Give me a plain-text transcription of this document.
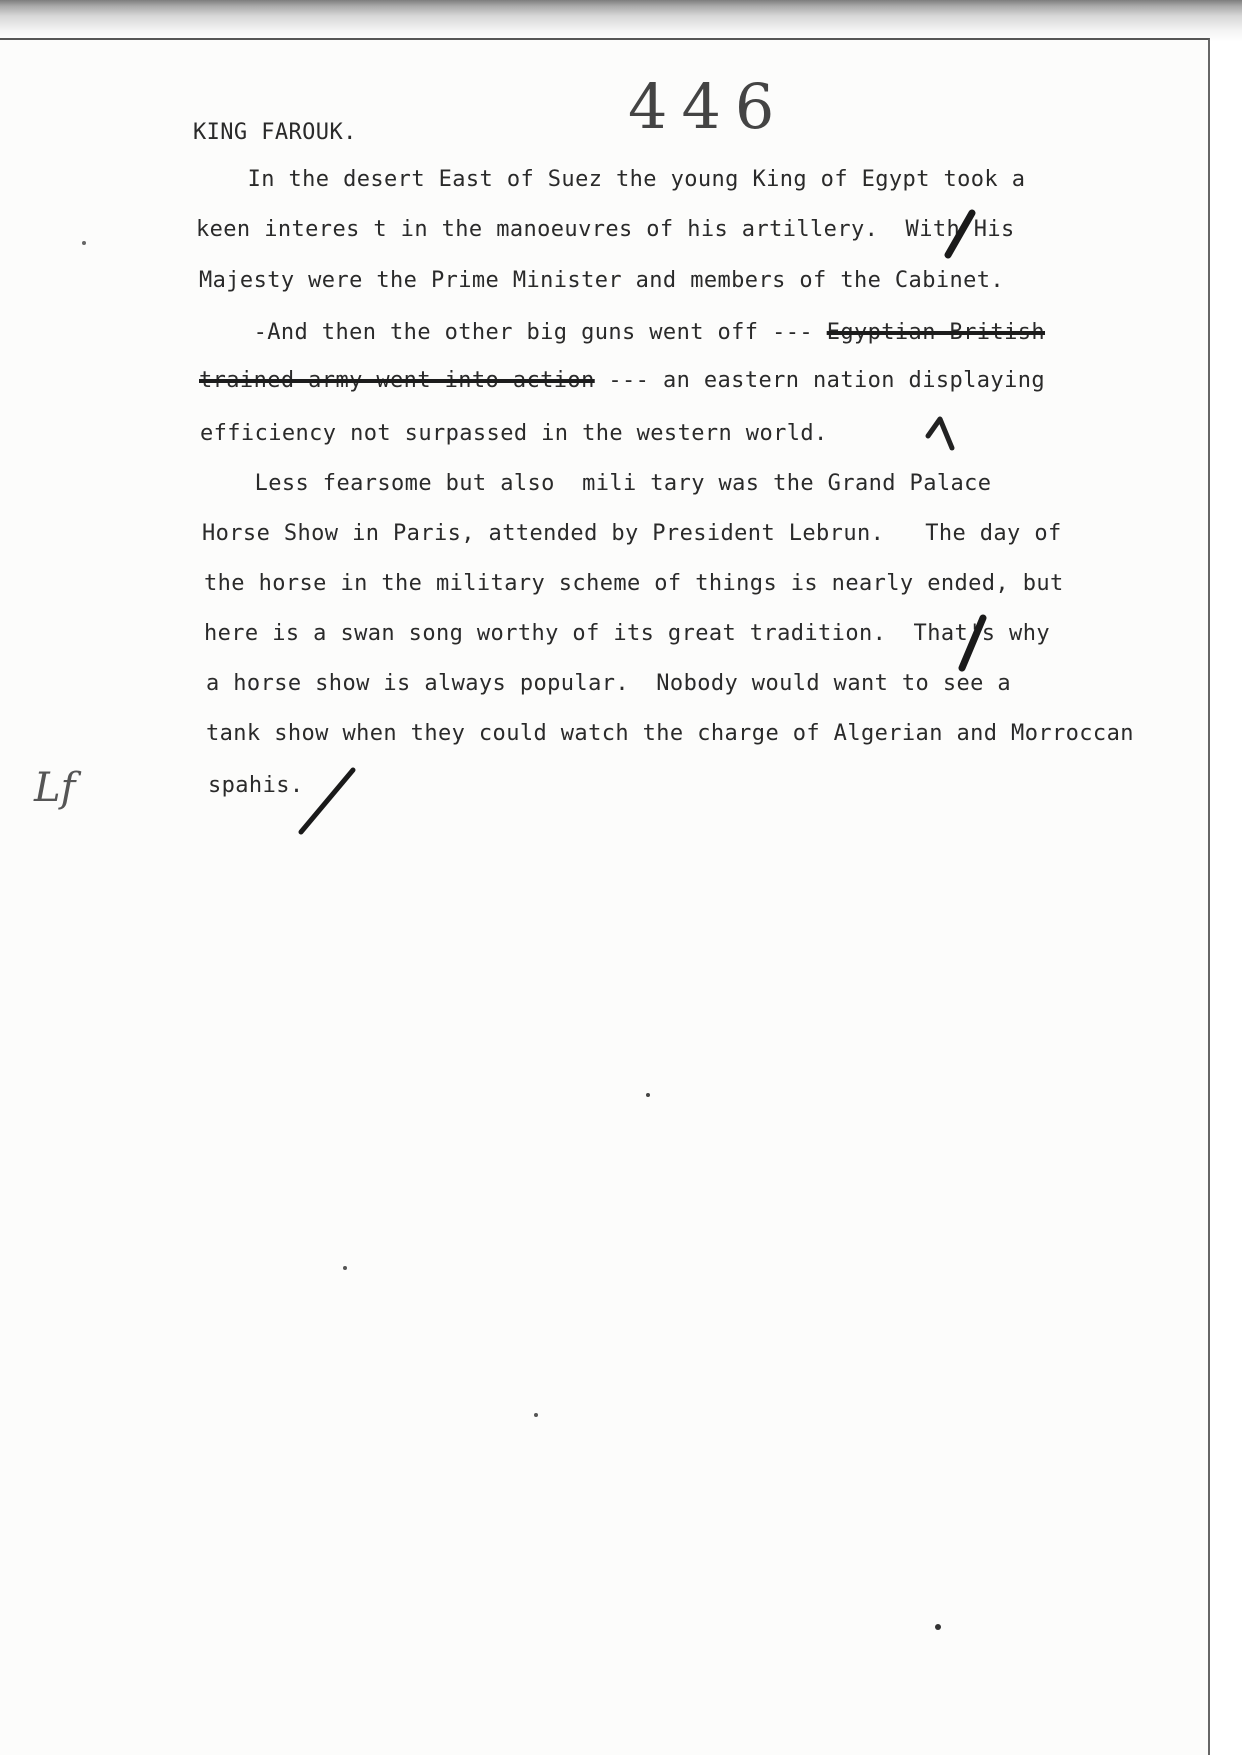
446

KING FAROUK.

In the desert East of Suez the young King of Egypt took a

keen interes t in the manoeuvres of his artillery.  With His

Majesty were the Prime Minister and members of the Cabinet.

-And then the other big guns went off --- Egyptian British

trained army went into action --- an eastern nation displaying

efficiency not surpassed in the western world.

Less fearsome but also  mili tary was the Grand Palace

Horse Show in Paris, attended by President Lebrun.   The day of

the horse in the military scheme of things is nearly ended, but

here is a swan song worthy of its great tradition.  That's why

a horse show is always popular.  Nobody would want to see a

tank show when they could watch the charge of Algerian and Morroccan

spahis.

Lf
